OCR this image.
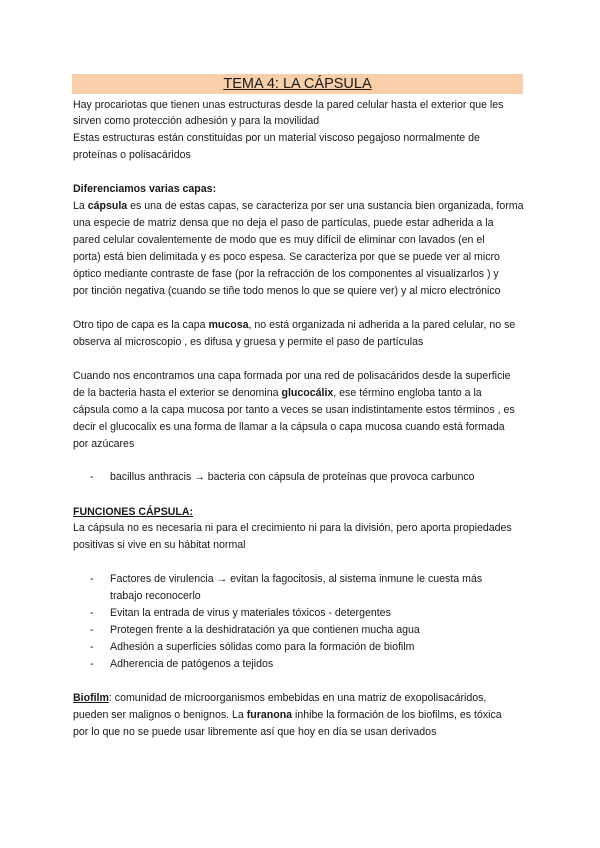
TEMA 4: LA CÁPSULA
Hay procariotas que tienen unas estructuras desde la pared celular hasta el exterior que les
sirven como protección adhesión y para la movilidad
Estas estructuras están constituidas por un material viscoso pegajoso normalmente de
proteínas o polisacáridos
Diferenciamos varias capas:
La cápsula es una de estas capas, se caracteriza por ser una sustancia bien organizada, forma
una especie de matriz densa que no deja el paso de partículas, puede estar adherida a la
pared celular covalentemente de modo que es muy difícil de eliminar con lavados (en el
porta) está bien delimitada y es poco espesa. Se caracteriza por que se puede ver al micro
óptico mediante contraste de fase (por la refracción de los componentes al visualizarlos ) y
por tinción negativa (cuando se tiñe todo menos lo que se quiere ver) y al micro electrónico
Otro tipo de capa es la capa mucosa, no está organizada ni adherida a la pared celular, no se
observa al microscopio , es difusa y gruesa y permite el paso de partículas
Cuando nos encontramos una capa formada por una red de polisacáridos desde la superficie
de la bacteria hasta el exterior se denomina glucocálix, ese término engloba tanto a la
cápsula como a la capa mucosa por tanto a veces se usan indistintamente estos términos , es
decir el glucocalix es una forma de llamar a la cápsula o capa mucosa cuando está formada
por azúcares
- bacillus anthracis → bacteria con cápsula de proteínas que provoca carbunco
FUNCIONES CÁPSULA:
La cápsula no es necesaria ni para el crecimiento ni para la división, pero aporta propiedades
positivas si vive en su hábitat normal
- Factores de virulencia → evitan la fagocitosis, al sistema inmune le cuesta más
trabajo reconocerlo
- Evitan la entrada de virus y materiales tóxicos - detergentes
- Protegen frente a la deshidratación ya que contienen mucha agua
- Adhesión a superficies sólidas como para la formación de biofilm
- Adherencia de patógenos a tejidos
Biofilm: comunidad de microorganismos embebidas en una matriz de exopolisacáridos,
pueden ser malignos o benignos. La furanona inhibe la formación de los biofilms, es tóxica
por lo que no se puede usar libremente así que hoy en día se usan derivados
